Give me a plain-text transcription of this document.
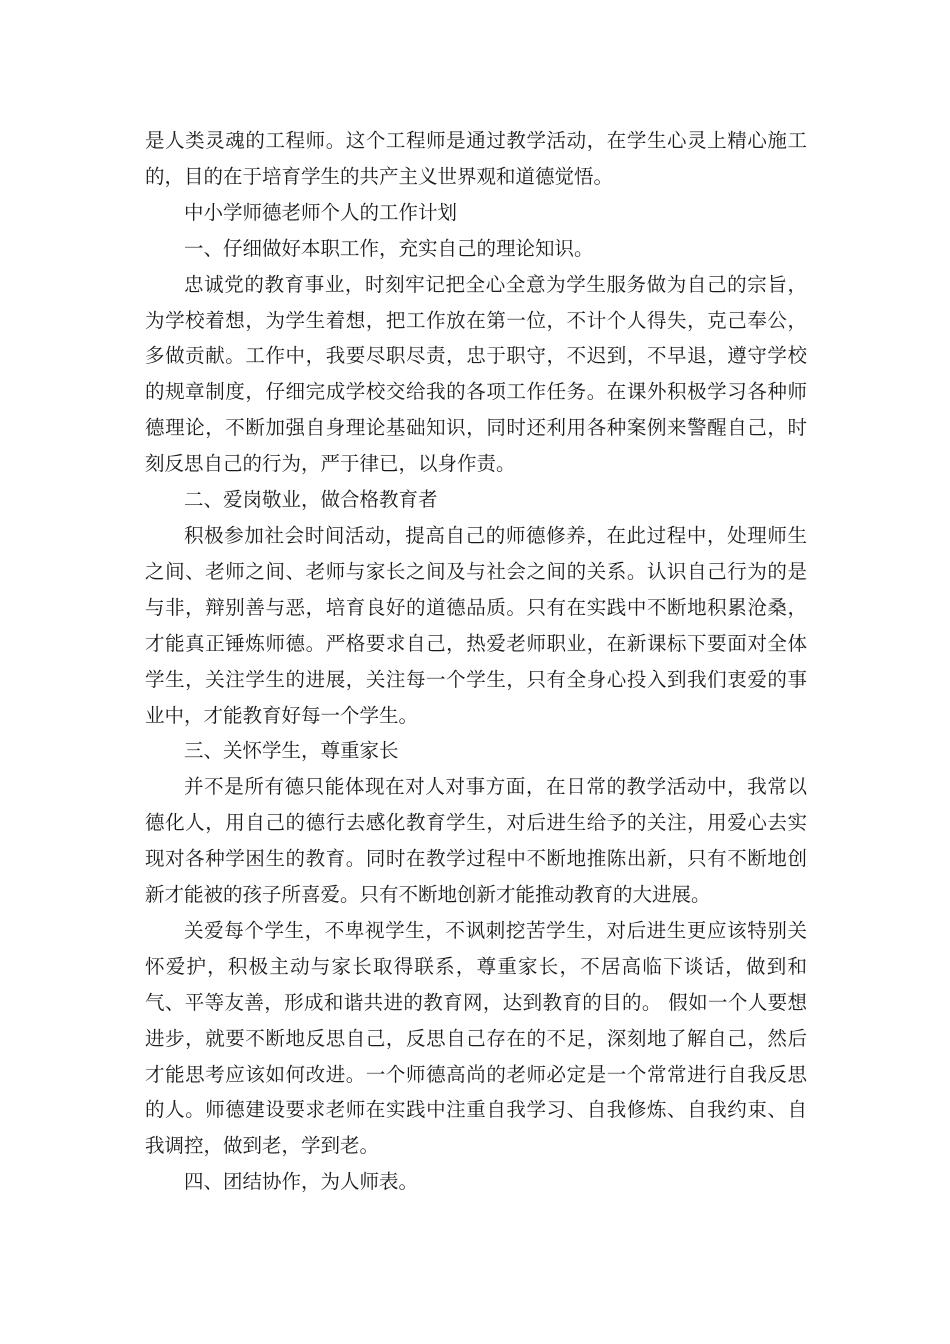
是人类灵魂的工程师。这个工程师是通过教学活动，在学生心灵上精心施工的，目的在于培育学生的共产主义世界观和道德觉悟。

中小学师德老师个人的工作计划

一、仔细做好本职工作，充实自己的理论知识。

忠诚党的教育事业，时刻牢记把全心全意为学生服务做为自己的宗旨，为学校着想，为学生着想，把工作放在第一位，不计个人得失，克己奉公，多做贡献。工作中，我要尽职尽责，忠于职守，不迟到，不早退，遵守学校的规章制度，仔细完成学校交给我的各项工作任务。在课外积极学习各种师德理论，不断加强自身理论基础知识，同时还利用各种案例来警醒自己，时刻反思自己的行为，严于律已，以身作责。

二、爱岗敬业，做合格教育者

积极参加社会时间活动，提高自己的师德修养，在此过程中，处理师生之间、老师之间、老师与家长之间及与社会之间的关系。认识自己行为的是与非，辩别善与恶，培育良好的道德品质。只有在实践中不断地积累沧桑，才能真正锤炼师德。严格要求自己，热爱老师职业，在新课标下要面对全体学生，关注学生的进展，关注每一个学生，只有全身心投入到我们衷爱的事业中，才能教育好每一个学生。

三、关怀学生，尊重家长

并不是所有德只能体现在对人对事方面，在日常的教学活动中，我常以德化人，用自己的德行去感化教育学生，对后进生给予的关注，用爱心去实现对各种学困生的教育。同时在教学过程中不断地推陈出新，只有不断地创新才能被的孩子所喜爱。只有不断地创新才能推动教育的大进展。

关爱每个学生，不卑视学生，不讽刺挖苦学生，对后进生更应该特别关怀爱护，积极主动与家长取得联系，尊重家长，不居高临下谈话，做到和气、平等友善，形成和谐共进的教育网，达到教育的目的。 假如一个人要想进步，就要不断地反思自己，反思自己存在的不足，深刻地了解自己，然后才能思考应该如何改进。一个师德高尚的老师必定是一个常常进行自我反思的人。师德建设要求老师在实践中注重自我学习、自我修炼、自我约束、自我调控，做到老，学到老。

四、团结协作，为人师表。
